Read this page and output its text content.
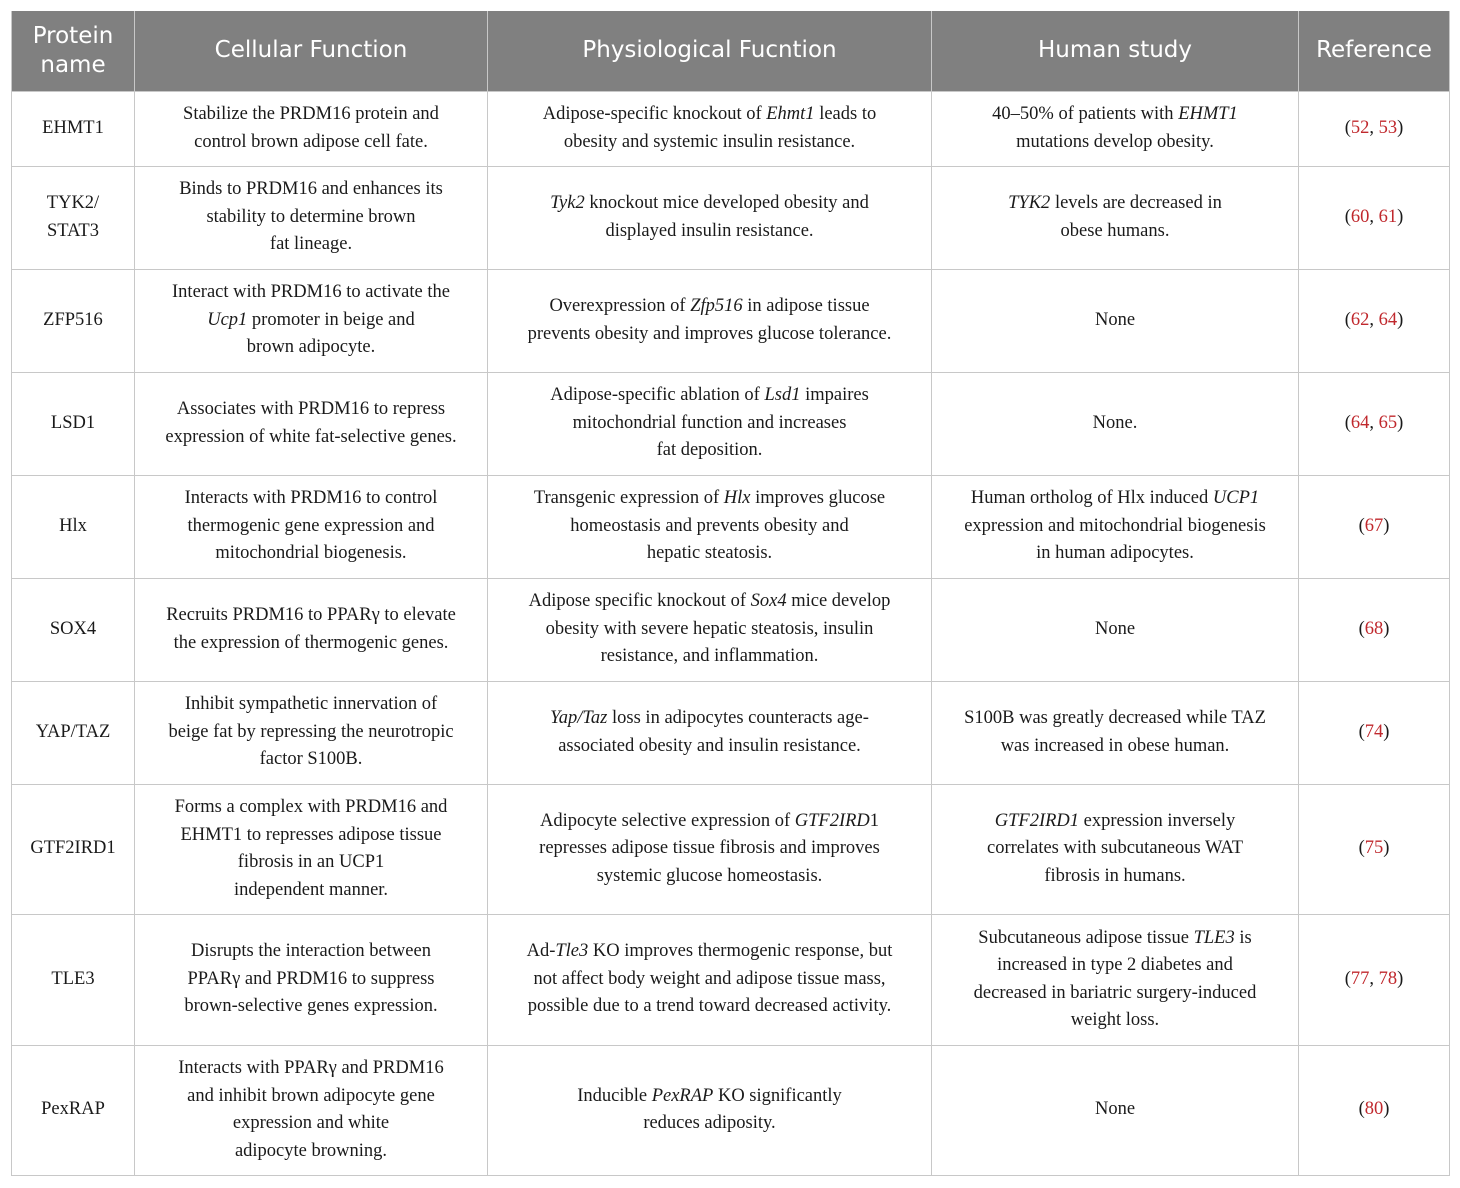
Protein
name	Cellular Function	Physiological Fucntion	Human study	Reference

EHMT1	Stabilize the PRDM16 protein and
control brown adipose cell fate.	Adipose-specific knockout of Ehmt1 leads to
obesity and systemic insulin resistance.	40–50% of patients with EHMT1
mutations develop obesity.	(52, 53)

TYK2/
STAT3	Binds to PRDM16 and enhances its
stability to determine brown
fat lineage.	Tyk2 knockout mice developed obesity and
displayed insulin resistance.	TYK2 levels are decreased in
obese humans.	(60, 61)

ZFP516	Interact with PRDM16 to activate the
Ucp1 promoter in beige and
brown adipocyte.	Overexpression of Zfp516 in adipose tissue
prevents obesity and improves glucose tolerance.	None	(62, 64)

LSD1	Associates with PRDM16 to repress
expression of white fat-selective genes.	Adipose-specific ablation of Lsd1 impaires
mitochondrial function and increases
fat deposition.	None.	(64, 65)

Hlx	Interacts with PRDM16 to control
thermogenic gene expression and
mitochondrial biogenesis.	Transgenic expression of Hlx improves glucose
homeostasis and prevents obesity and
hepatic steatosis.	Human ortholog of Hlx induced UCP1
expression and mitochondrial biogenesis
in human adipocytes.	(67)

SOX4	Recruits PRDM16 to PPARγ to elevate
the expression of thermogenic genes.	Adipose specific knockout of Sox4 mice develop
obesity with severe hepatic steatosis, insulin
resistance, and inflammation.	None	(68)

YAP/TAZ	Inhibit sympathetic innervation of
beige fat by repressing the neurotropic
factor S100B.	Yap/Taz loss in adipocytes counteracts age-
associated obesity and insulin resistance.	S100B was greatly decreased while TAZ
was increased in obese human.	(74)

GTF2IRD1	Forms a complex with PRDM16 and
EHMT1 to represses adipose tissue
fibrosis in an UCP1
independent manner.	Adipocyte selective expression of GTF2IRD1
represses adipose tissue fibrosis and improves
systemic glucose homeostasis.	GTF2IRD1 expression inversely
correlates with subcutaneous WAT
fibrosis in humans.	(75)

TLE3	Disrupts the interaction between
PPARγ and PRDM16 to suppress
brown-selective genes expression.	Ad-Tle3 KO improves thermogenic response, but
not affect body weight and adipose tissue mass,
possible due to a trend toward decreased activity.	Subcutaneous adipose tissue TLE3 is
increased in type 2 diabetes and
decreased in bariatric surgery-induced
weight loss.	(77, 78)

PexRAP	Interacts with PPARγ and PRDM16
and inhibit brown adipocyte gene
expression and white
adipocyte browning.	Inducible PexRAP KO significantly
reduces adiposity.	None	(80)
